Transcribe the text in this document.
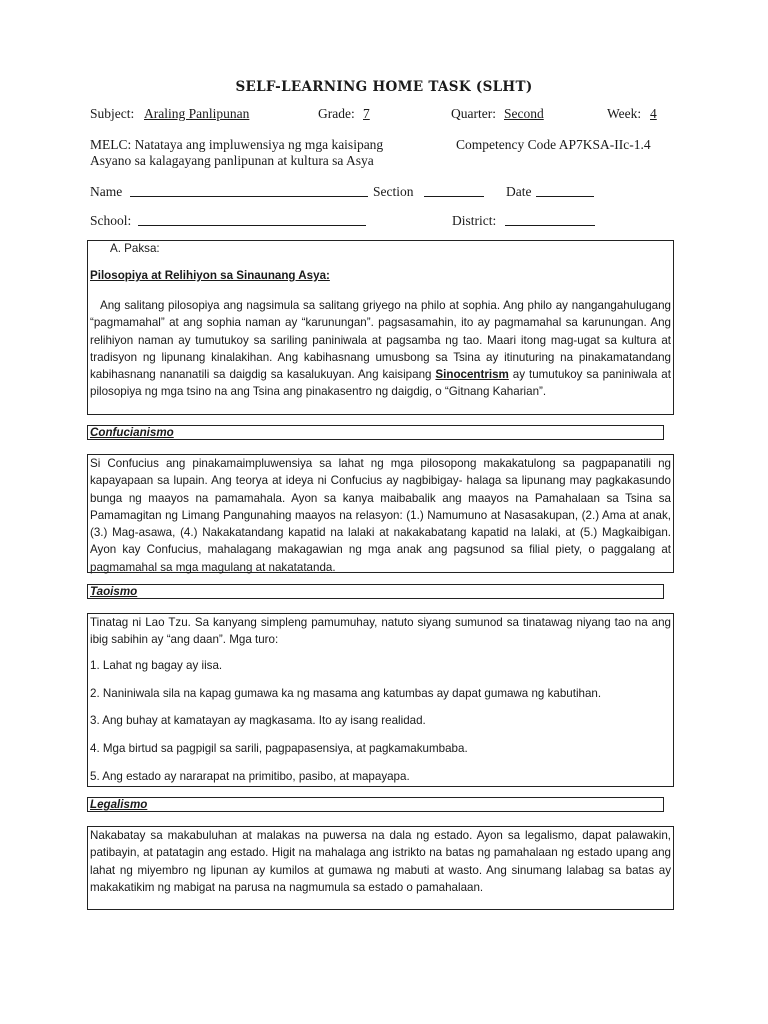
SELF-LEARNING HOME TASK (SLHT)
Subject: Araling Panlipunan	Grade: 7	Quarter: Second	Week: 4
MELC: Natataya ang impluwensiya ng mga kaisipang
Asyano sa kalagayang panlipunan at kultura sa Asya
Competency Code AP7KSA-IIc-1.4
Name	Section	Date
School:	District:
A. Paksa:
Pilosopiya at Relihiyon sa Sinaunang Asya:
Ang salitang pilosopiya ang nagsimula sa salitang griyego na philo at sophia. Ang philo ay nangangahulugang “pagmamahal” at ang sophia naman ay “karunungan”. pagsasamahin, ito ay pagmamahal sa karunungan. Ang relihiyon naman ay tumutukoy sa sariling paniniwala at pagsamba ng tao. Maari itong mag-ugat sa kultura at tradisyon ng lipunang kinalakihan. Ang kabihasnang umusbong sa Tsina ay itinuturing na pinakamatandang kabihasnang nananatili sa daigdig sa kasalukuyan. Ang kaisipang Sinocentrism ay tumutukoy sa paniniwala at pilosopiya ng mga tsino na ang Tsina ang pinakasentro ng daigdig, o “Gitnang Kaharian”.
Confucianismo
Si Confucius ang pinakamaimpluwensiya sa lahat ng mga pilosopong makakatulong sa pagpapanatili ng kapayapaan sa lupain. Ang teorya at ideya ni Confucius ay nagbibigay- halaga sa lipunang may pagkakasundo bunga ng maayos na pamamahala. Ayon sa kanya maibabalik ang maayos na Pamahalaan sa Tsina sa Pamamagitan ng Limang Pangunahing maayos na relasyon: (1.) Namumuno at Nasasakupan, (2.) Ama at anak, (3.) Mag-asawa, (4.) Nakakatandang kapatid na lalaki at nakakabatang kapatid na lalaki, at (5.) Magkaibigan. Ayon kay Confucius, mahalagang makagawian ng mga anak ang pagsunod sa filial piety, o paggalang at pagmamahal sa mga magulang at nakatatanda.
Taoismo
Tinatag ni Lao Tzu. Sa kanyang simpleng pamumuhay, natuto siyang sumunod sa tinatawag niyang tao na ang ibig sabihin ay “ang daan”. Mga turo:
1. Lahat ng bagay ay iisa.
2. Naniniwala sila na kapag gumawa ka ng masama ang katumbas ay dapat gumawa ng kabutihan.
3. Ang buhay at kamatayan ay magkasama. Ito ay isang realidad.
4. Mga birtud sa pagpigil sa sarili, pagpapasensiya, at pagkamakumbaba.
5. Ang estado ay nararapat na primitibo, pasibo, at mapayapa.
Legalismo
Nakabatay sa makabuluhan at malakas na puwersa na dala ng estado. Ayon sa legalismo, dapat palawakin, patibayin, at patatagin ang estado. Higit na mahalaga ang istrikto na batas ng pamahalaan ng estado upang ang lahat ng miyembro ng lipunan ay kumilos at gumawa ng mabuti at wasto. Ang sinumang lalabag sa batas ay makakatikim ng mabigat na parusa na nagmumula sa estado o pamahalaan.
